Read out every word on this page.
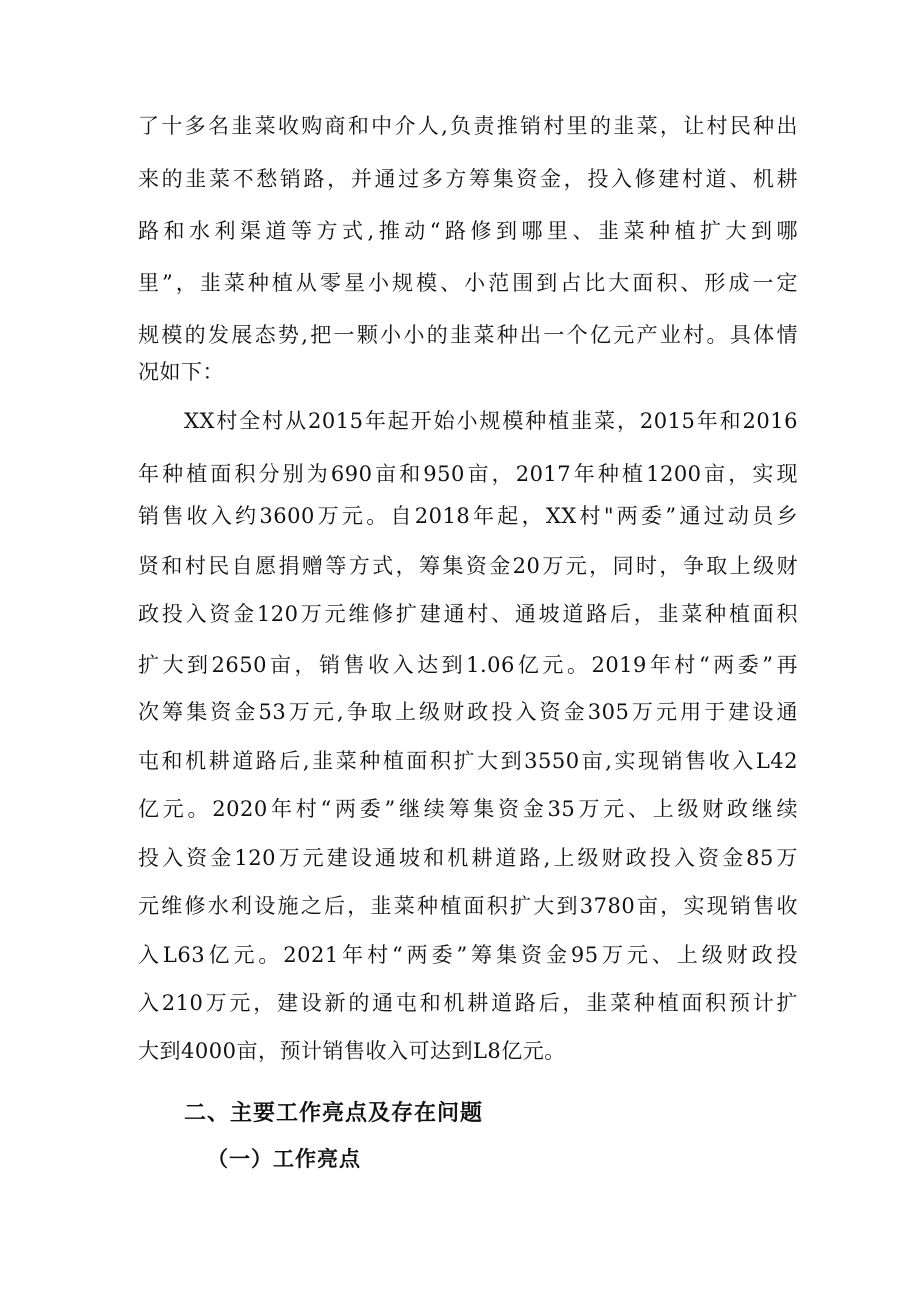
了十多名韭菜收购商和中介人,负责推销村里的韭菜，让村民种出

来的韭菜不愁销路，并通过多方筹集资金，投入修建村道、机耕

路和水利渠道等方式,推动“路修到哪里、韭菜种植扩大到哪

里”，韭菜种植从零星小规模、小范围到占比大面积、形成一定

规模的发展态势,把一颗小小的韭菜种出一个亿元产业村。具体情

况如下：

XX村全村从2015年起开始小规模种植韭菜，2015年和2016

年种植面积分别为690亩和950亩，2017年种植1200亩，实现

销售收入约3600万元。自2018年起，XX村"两委”通过动员乡

贤和村民自愿捐赠等方式，筹集资金20万元，同时，争取上级财

政投入资金120万元维修扩建通村、通坡道路后，韭菜种植面积

扩大到2650亩，销售收入达到1.06亿元。2019年村“两委”再

次筹集资金53万元,争取上级财政投入资金305万元用于建设通

屯和机耕道路后,韭菜种植面积扩大到3550亩,实现销售收入L42

亿元。2020年村“两委”继续筹集资金35万元、上级财政继续

投入资金120万元建设通坡和机耕道路,上级财政投入资金85万

元维修水利设施之后，韭菜种植面积扩大到3780亩，实现销售收

入L63亿元。2021年村“两委”筹集资金95万元、上级财政投

入210万元，建设新的通屯和机耕道路后，韭菜种植面积预计扩

大到4000亩，预计销售收入可达到L8亿元。

二、主要工作亮点及存在问题
（一）工作亮点
